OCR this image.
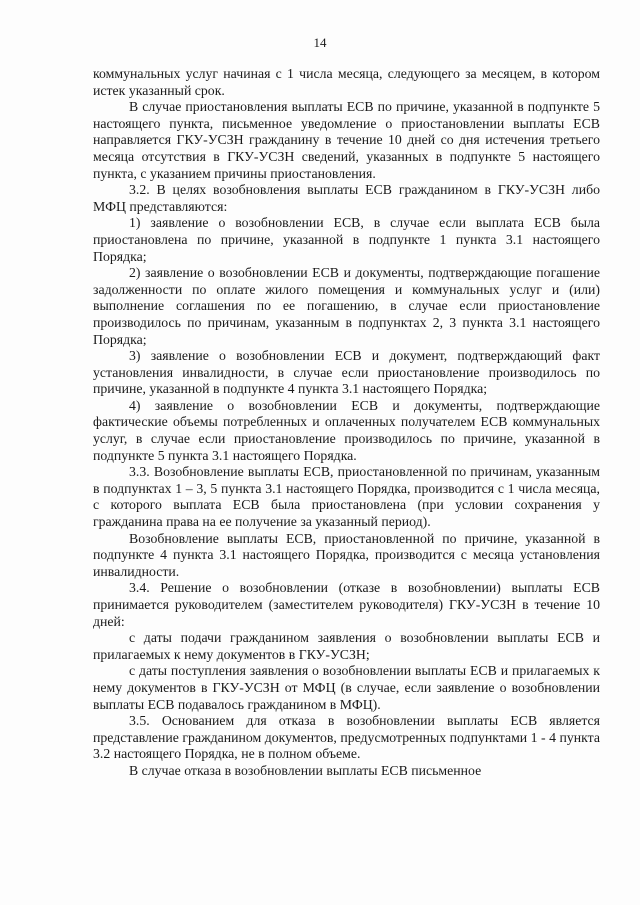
14

коммунальных услуг начиная с 1 числа месяца, следующего за месяцем, в котором истек указанный срок.

В случае приостановления выплаты ЕСВ по причине, указанной в подпункте 5 настоящего пункта, письменное уведомление о приостановлении выплаты ЕСВ направляется ГКУ-УСЗН гражданину в течение 10 дней со дня истечения третьего месяца отсутствия в ГКУ-УСЗН сведений, указанных в подпункте 5 настоящего пункта, с указанием причины приостановления.

3.2. В целях возобновления выплаты ЕСВ гражданином в ГКУ-УСЗН либо МФЦ представляются:

1) заявление о возобновлении ЕСВ, в случае если выплата ЕСВ была приостановлена по причине, указанной в подпункте 1 пункта 3.1 настоящего Порядка;

2) заявление о возобновлении ЕСВ и документы, подтверждающие погашение задолженности по оплате жилого помещения и коммунальных услуг и (или) выполнение соглашения по ее погашению, в случае если приостановление производилось по причинам, указанным в подпунктах 2, 3 пункта 3.1 настоящего Порядка;

3) заявление о возобновлении ЕСВ и документ, подтверждающий факт установления инвалидности, в случае если приостановление производилось по причине, указанной в подпункте 4 пункта 3.1 настоящего Порядка;

4) заявление о возобновлении ЕСВ и документы, подтверждающие фактические объемы потребленных и оплаченных получателем ЕСВ коммунальных услуг, в случае если приостановление производилось по причине, указанной в подпункте 5 пункта 3.1 настоящего Порядка.

3.3. Возобновление выплаты ЕСВ, приостановленной по причинам, указанным в подпунктах 1 – 3, 5 пункта 3.1 настоящего Порядка, производится с 1 числа месяца, с которого выплата ЕСВ была приостановлена (при условии сохранения у гражданина права на ее получение за указанный период).

Возобновление выплаты ЕСВ, приостановленной по причине, указанной в подпункте 4 пункта 3.1 настоящего Порядка, производится с месяца установления инвалидности.

3.4. Решение о возобновлении (отказе в возобновлении) выплаты ЕСВ принимается руководителем (заместителем руководителя) ГКУ-УСЗН в течение 10 дней:

с даты подачи гражданином заявления о возобновлении выплаты ЕСВ и прилагаемых к нему документов в ГКУ-УСЗН;

с даты поступления заявления о возобновлении выплаты ЕСВ и прилагаемых к нему документов в ГКУ-УСЗН от МФЦ (в случае, если заявление о возобновлении выплаты ЕСВ подавалось гражданином в МФЦ).

3.5. Основанием для отказа в возобновлении выплаты ЕСВ является представление гражданином документов, предусмотренных подпунктами 1 - 4 пункта 3.2 настоящего Порядка, не в полном объеме.

В случае отказа в возобновлении выплаты ЕСВ письменное
